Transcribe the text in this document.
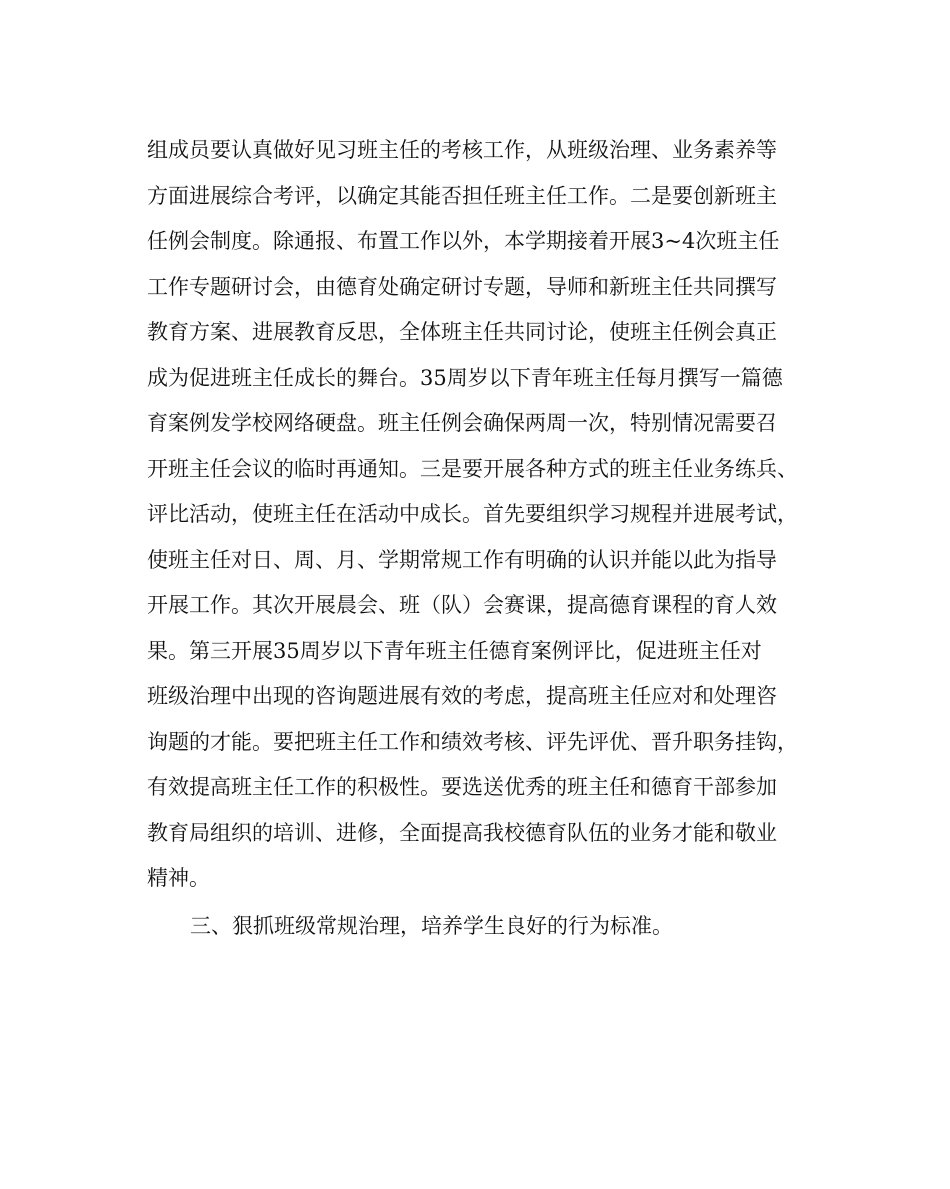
组成员要认真做好见习班主任的考核工作，从班级治理、业务素养等
方面进展综合考评，以确定其能否担任班主任工作。二是要创新班主
任例会制度。除通报、布置工作以外，本学期接着开展3~4次班主任
工作专题研讨会，由德育处确定研讨专题，导师和新班主任共同撰写
教育方案、进展教育反思，全体班主任共同讨论，使班主任例会真正
成为促进班主任成长的舞台。35周岁以下青年班主任每月撰写一篇德
育案例发学校网络硬盘。班主任例会确保两周一次，特别情况需要召
开班主任会议的临时再通知。三是要开展各种方式的班主任业务练兵、
评比活动，使班主任在活动中成长。首先要组织学习规程并进展考试，
使班主任对日、周、月、学期常规工作有明确的认识并能以此为指导
开展工作。其次开展晨会、班（队）会赛课，提高德育课程的育人效
果。第三开展35周岁以下青年班主任德育案例评比，促进班主任对
班级治理中出现的咨询题进展有效的考虑，提高班主任应对和处理咨
询题的才能。要把班主任工作和绩效考核、评先评优、晋升职务挂钩，
有效提高班主任工作的积极性。要选送优秀的班主任和德育干部参加
教育局组织的培训、进修，全面提高我校德育队伍的业务才能和敬业
精神。
三、狠抓班级常规治理，培养学生良好的行为标准。
